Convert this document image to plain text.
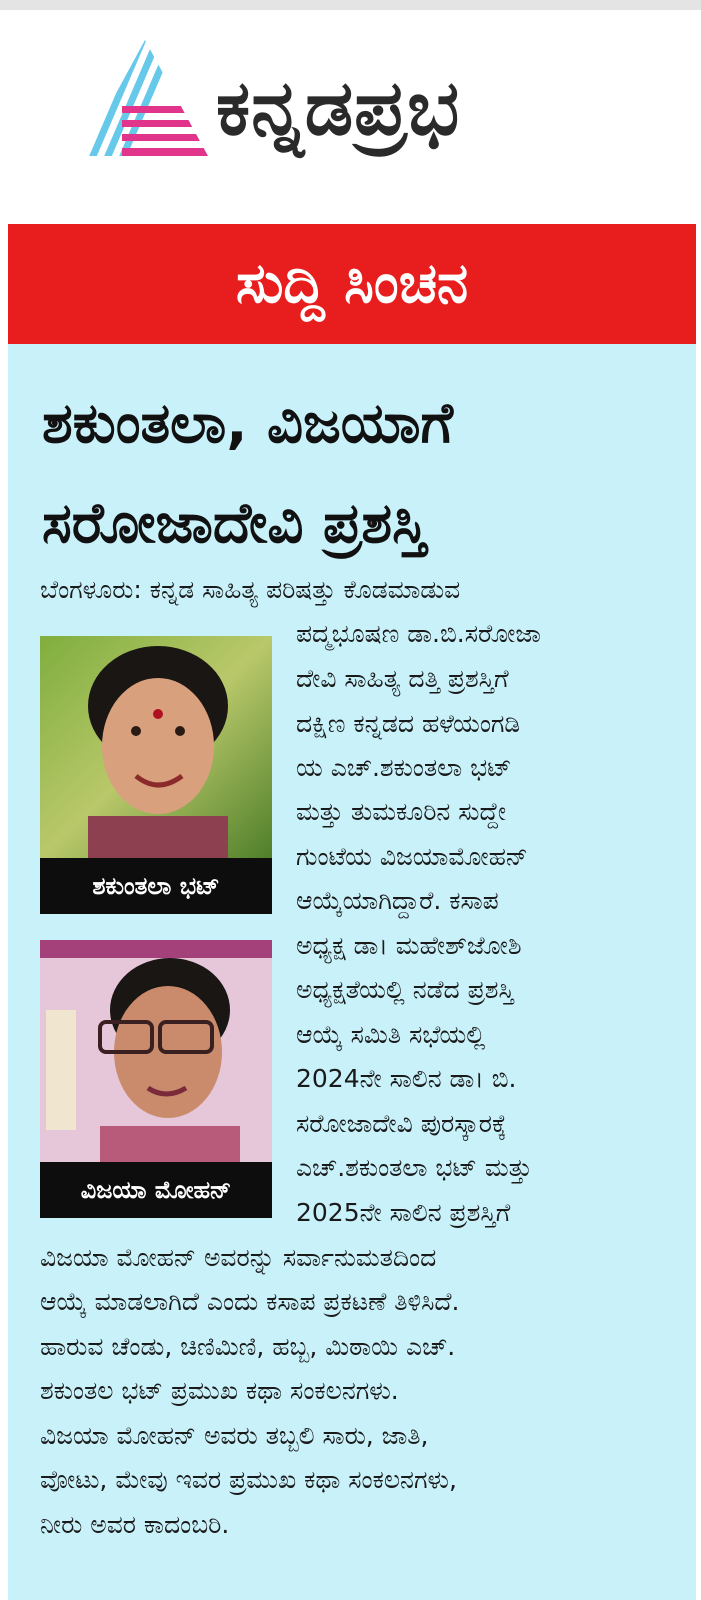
ಕನ್ನಡಪ್ರಭ
ಸುದ್ದಿ ಸಿಂಚನ
ಶಕುಂತಲಾ, ವಿಜಯಾಗೆ
ಸರೋಜಾದೇವಿ ಪ್ರಶಸ್ತಿ
ಬೆಂಗಳೂರು: ಕನ್ನಡ ಸಾಹಿತ್ಯ ಪರಿಷತ್ತು ಕೊಡಮಾಡುವ
ಪದ್ಮಭೂಷಣ ಡಾ.ಬಿ.ಸರೋಜಾ
ದೇವಿ ಸಾಹಿತ್ಯ ದತ್ತಿ ಪ್ರಶಸ್ತಿಗೆ
ದಕ್ಷಿಣ ಕನ್ನಡದ ಹಳೆಯಂಗಡಿ
ಯ ಎಚ್.ಶಕುಂತಲಾ ಭಟ್
ಮತ್ತು ತುಮಕೂರಿನ ಸುದ್ದೇ
ಗುಂಟೆಯ ವಿಜಯಾಮೋಹನ್
ಆಯ್ಕೆಯಾಗಿದ್ದಾರೆ. ಕಸಾಪ
ಅಧ್ಯಕ್ಷ ಡಾ। ಮಹೇಶ್‌ಜೋಶಿ
ಅಧ್ಯಕ್ಷತೆಯಲ್ಲಿ ನಡೆದ ಪ್ರಶಸ್ತಿ
ಆಯ್ಕೆ ಸಮಿತಿ ಸಭೆಯಲ್ಲಿ
2024ನೇ ಸಾಲಿನ ಡಾ। ಬಿ.
ಸರೋಜಾದೇವಿ ಪುರಸ್ಕಾರಕ್ಕೆ
ಎಚ್.ಶಕುಂತಲಾ ಭಟ್ ಮತ್ತು
2025ನೇ ಸಾಲಿನ ಪ್ರಶಸ್ತಿಗೆ
ವಿಜಯಾ ಮೋಹನ್ ಅವರನ್ನು ಸರ್ವಾನುಮತದಿಂದ
ಆಯ್ಕೆ ಮಾಡಲಾಗಿದೆ ಎಂದು ಕಸಾಪ ಪ್ರಕಟಣೆ ತಿಳಿಸಿದೆ.
ಹಾರುವ ಚೆಂಡು, ಚಿಣಿಮಿಣಿ, ಹಬ್ಬ, ಮಿಠಾಯಿ ಎಚ್.
ಶಕುಂತಲ ಭಟ್ ಪ್ರಮುಖ ಕಥಾ ಸಂಕಲನಗಳು.
ವಿಜಯಾ ಮೋಹನ್ ಅವರು ತಬ್ಬಲಿ ಸಾರು, ಜಾತಿ,
ವೋಟು, ಮೇವು ಇವರ ಪ್ರಮುಖ ಕಥಾ ಸಂಕಲನಗಳು,
ನೀರು ಅವರ ಕಾದಂಬರಿ.
ಶಕುಂತಲಾ ಭಟ್
ವಿಜಯಾ ಮೋಹನ್
